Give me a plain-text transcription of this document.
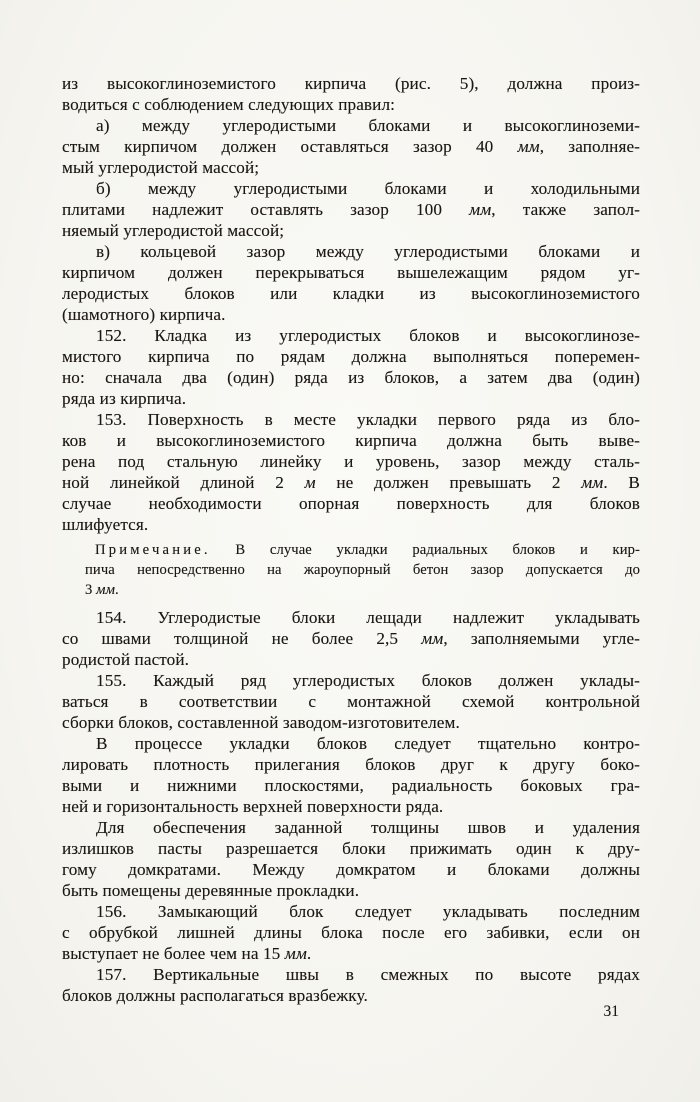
из высокоглиноземистого кирпича (рис. 5), должна произ-
водиться с соблюдением следующих правил:
а) между углеродистыми блоками и высокоглиноземи-
стым кирпичом должен оставляться зазор 40 мм, заполняе-
мый углеродистой массой;
б) между углеродистыми блоками и холодильными
плитами надлежит оставлять зазор 100 мм, также запол-
няемый углеродистой массой;
в) кольцевой зазор между углеродистыми блоками и
кирпичом должен перекрываться вышележащим рядом уг-
леродистых блоков или кладки из высокоглиноземистого
(шамотного) кирпича.
152. Кладка из углеродистых блоков и высокоглинозе-
мистого кирпича по рядам должна выполняться поперемен-
но: сначала два (один) ряда из блоков, а затем два (один)
ряда из кирпича.
153. Поверхность в месте укладки первого ряда из бло-
ков и высокоглиноземистого кирпича должна быть выве-
рена под стальную линейку и уровень, зазор между сталь-
ной линейкой длиной 2 м не должен превышать 2 мм. В
случае необходимости опорная поверхность для блоков
шлифуется.
Примечание. В случае укладки радиальных блоков и кир-
пича непосредственно на жароупорный бетон зазор допускается до
3 мм.
154. Углеродистые блоки лещади надлежит укладывать
со швами толщиной не более 2,5 мм, заполняемыми угле-
родистой пастой.
155. Каждый ряд углеродистых блоков должен уклады-
ваться в соответствии с монтажной схемой контрольной
сборки блоков, составленной заводом-изготовителем.
В процессе укладки блоков следует тщательно контро-
лировать плотность прилегания блоков друг к другу боко-
выми и нижними плоскостями, радиальность боковых гра-
ней и горизонтальность верхней поверхности ряда.
Для обеспечения заданной толщины швов и удаления
излишков пасты разрешается блоки прижимать один к дру-
гому домкратами. Между домкратом и блоками должны
быть помещены деревянные прокладки.
156. Замыкающий блок следует укладывать последним
с обрубкой лишней длины блока после его забивки, если он
выступает не более чем на 15 мм.
157. Вертикальные швы в смежных по высоте рядах
блоков должны располагаться вразбежку.
31
